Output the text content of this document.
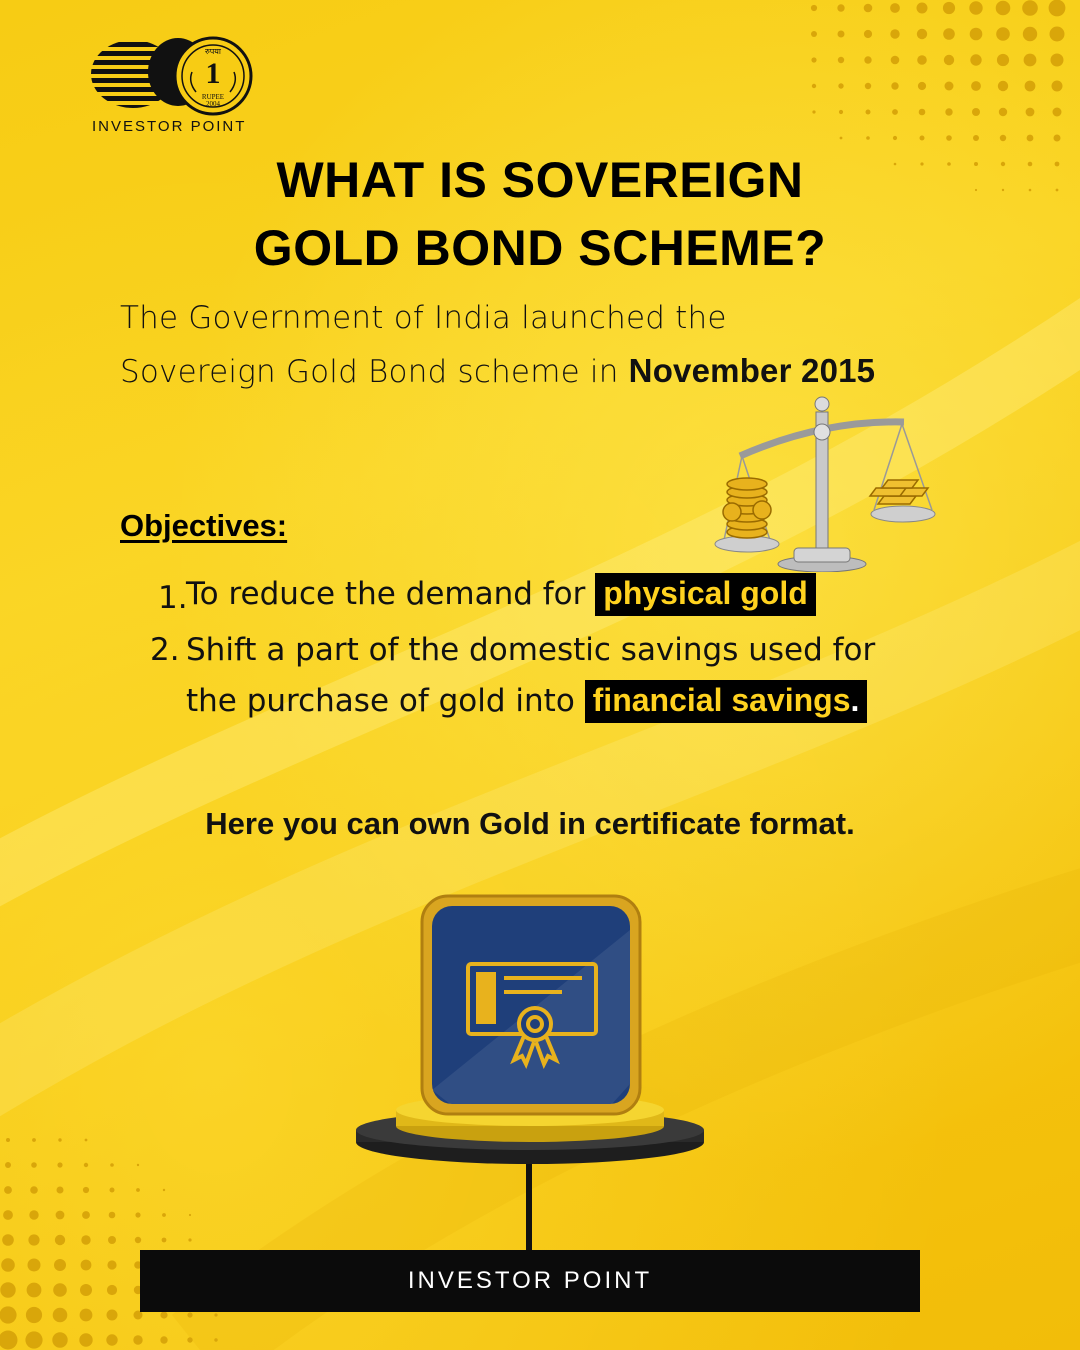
1
रुपया
RUPEE
2004
INVESTOR POINT
WHAT IS SOVEREIGN
GOLD BOND SCHEME?
The Government of India launched the
Sovereign Gold Bond scheme in November 2015
Objectives:
1.
To reduce the demand for physical gold
2. Shift a part of the domestic savings used for
the purchase of gold into financial savings.
Here you can own Gold in certificate format.
INVESTOR POINT
